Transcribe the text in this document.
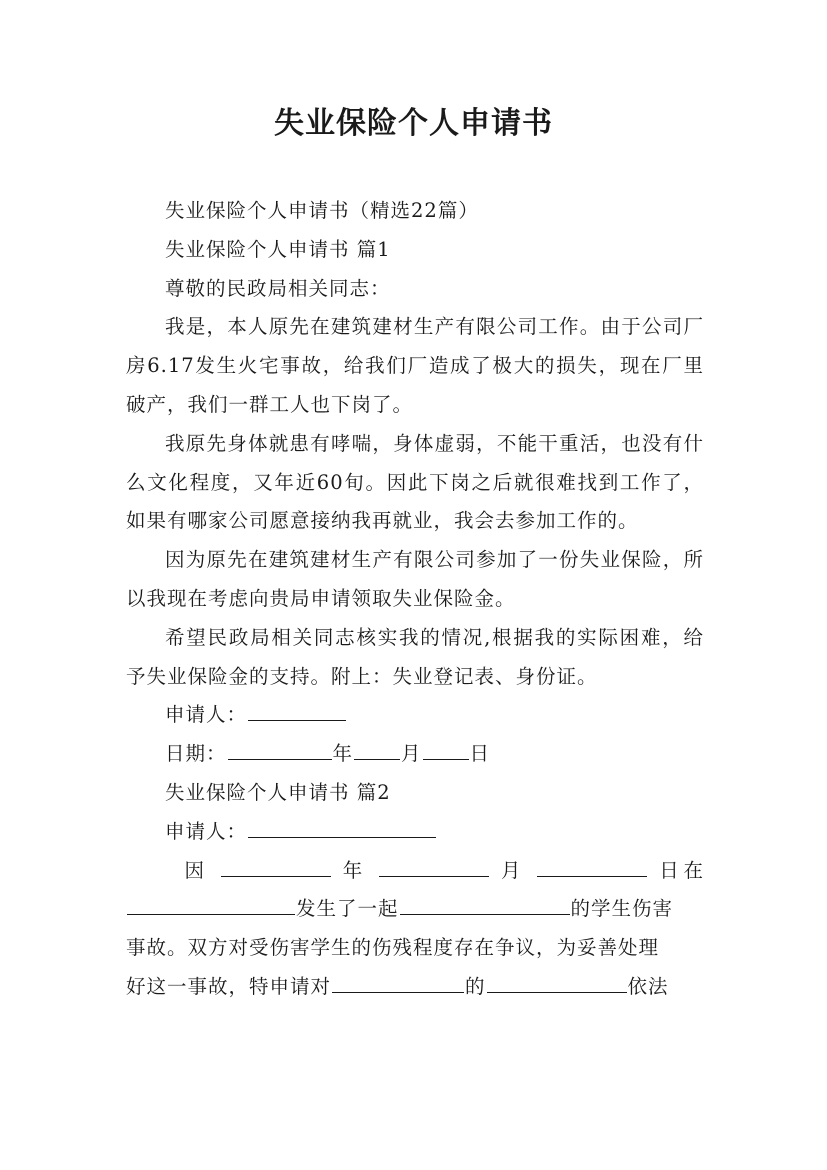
失业保险个人申请书

失业保险个人申请书（精选22篇）

失业保险个人申请书 篇1

尊敬的民政局相关同志：

我是，本人原先在建筑建材生产有限公司工作。由于公司厂房6.17发生火宅事故，给我们厂造成了极大的损失，现在厂里破产，我们一群工人也下岗了。

我原先身体就患有哮喘，身体虚弱，不能干重活，也没有什么文化程度，又年近60旬。因此下岗之后就很难找到工作了，如果有哪家公司愿意接纳我再就业，我会去参加工作的。

因为原先在建筑建材生产有限公司参加了一份失业保险，所以我现在考虑向贵局申请领取失业保险金。

希望民政局相关同志核实我的情况,根据我的实际困难，给予失业保险金的支持。附上：失业登记表、身份证。

申请人：

日期：	年 月 日

失业保险个人申请书 篇2

申请人：

因	年	月	日在

发生了一起	的学生伤害

事故。双方对受伤害学生的伤残程度存在争议，为妥善处理

好这一事故，特申请对	的	依法
